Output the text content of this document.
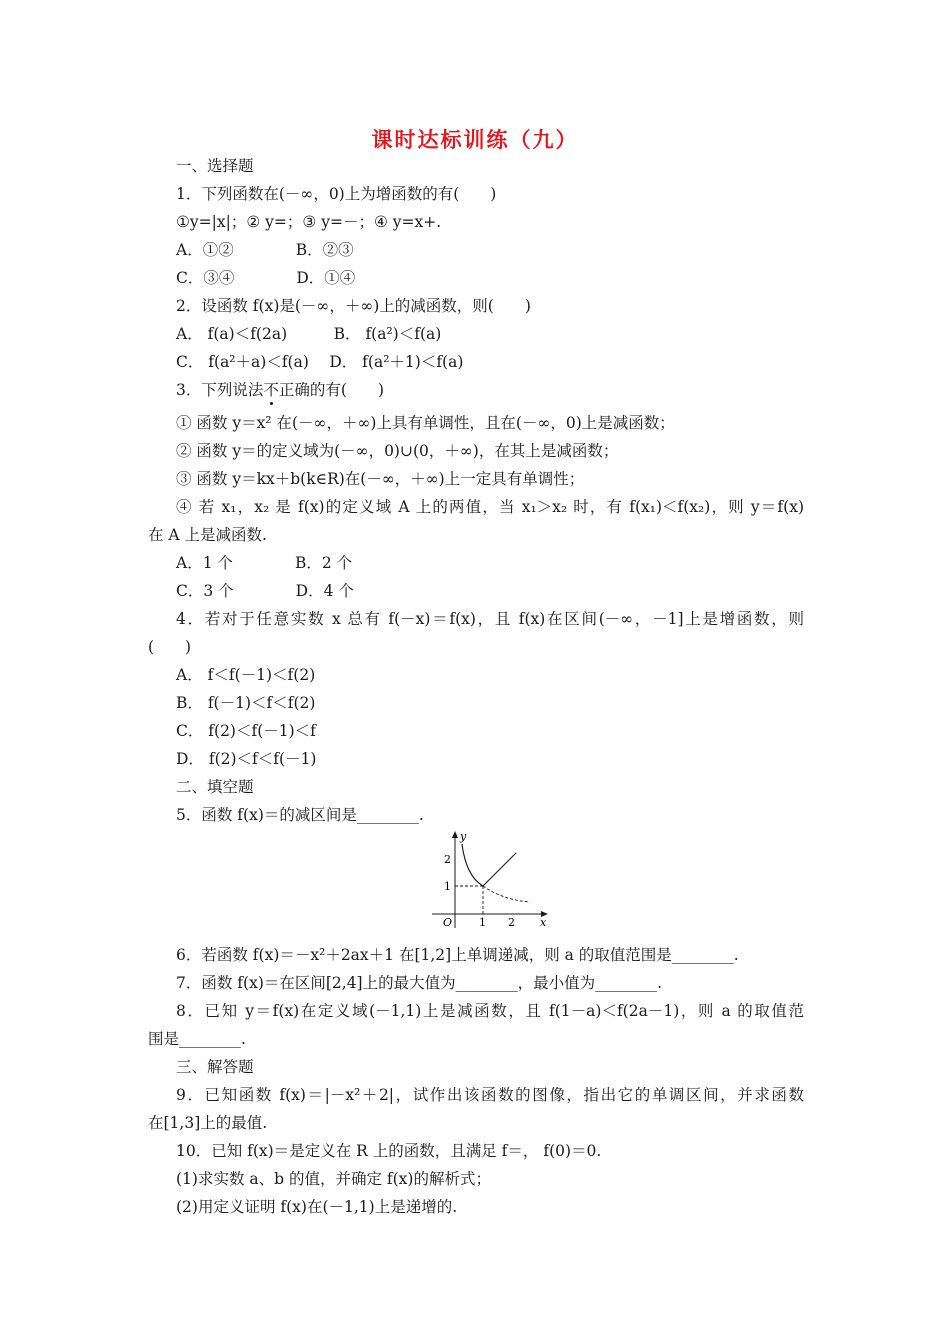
课时达标训练（九）
一、选择题
1．下列函数在(－∞，0)上为增函数的有(　　)
①y=|x|；② y=；③ y=－；④ y=x+.
A．①②　　　　B．②③
C．③④　　　　D．①④
2．设函数 f(x)是(－∞，＋∞)上的减函数，则(　　)
A． f(a)＜f(2a)　　　B． f(a²)＜f(a)
C． f(a²＋a)＜f(a)　 D． f(a²＋1)＜f(a)
3．下列说法不正确的有(　　)
① 函数 y＝x² 在(－∞，＋∞)上具有单调性，且在(－∞，0)上是减函数；
② 函数 y＝的定义域为(－∞，0)∪(0，＋∞)，在其上是减函数；
③ 函数 y＝kx＋b(k∈R)在(－∞，＋∞)上一定具有单调性；
④ 若 x₁，x₂ 是 f(x)的定义域 A 上的两值，当 x₁＞x₂ 时，有 f(x₁)＜f(x₂)，则 y＝f(x)
在 A 上是减函数.
A．1 个　　　　B．2 个
C．3 个　　　　D．4 个
4．若对于任意实数 x 总有 f(－x)＝f(x)，且 f(x)在区间(－∞，－1]上是增函数，则
(　　)
A． f＜f(－1)＜f(2)
B． f(－1)＜f＜f(2)
C． f(2)＜f(－1)＜f
D． f(2)＜f＜f(－1)
二、填空题
5．函数 f(x)＝的减区间是________.
y
x
O
2
1
1 2
6．若函数 f(x)＝－x²＋2ax＋1 在[1,2]上单调递减，则 a 的取值范围是________.
7．函数 f(x)＝在区间[2,4]上的最大值为________，最小值为________.
8．已知 y＝f(x)在定义域(－1,1)上是减函数，且 f(1－a)＜f(2a－1)，则 a 的取值范
围是________.
三、解答题
9．已知函数 f(x)＝|－x²＋2|，试作出该函数的图像，指出它的单调区间，并求函数
在[1,3]上的最值.
10．已知 f(x)＝是定义在 R 上的函数，且满足 f＝， f(0)＝0.
(1)求实数 a、b 的值，并确定 f(x)的解析式；
(2)用定义证明 f(x)在(－1,1)上是递增的.
